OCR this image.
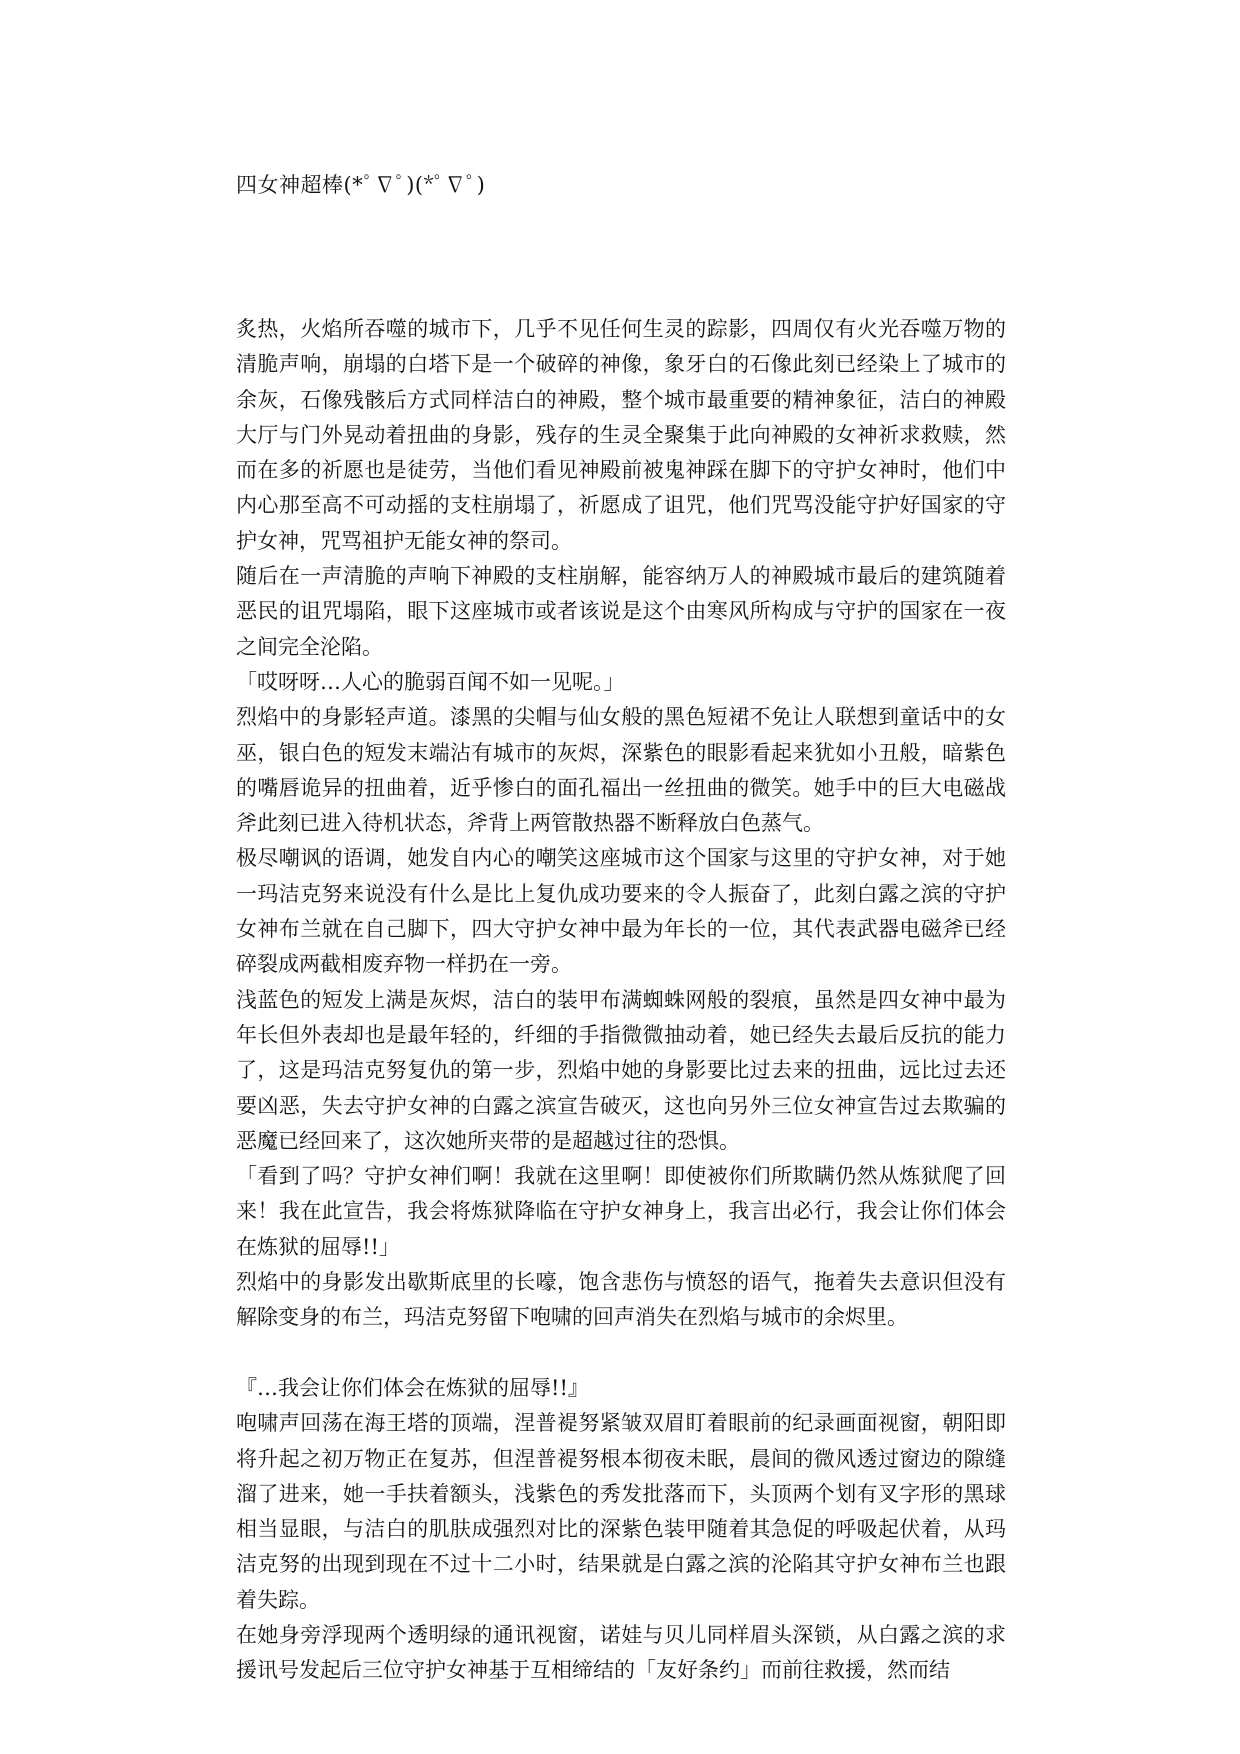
四女神超棒(*ﾟ∇ﾟ)(*ﾟ∇ﾟ)

炙热，火焰所吞噬的城市下，几乎不见任何生灵的踪影，四周仅有火光吞噬万物的清脆声响，崩塌的白塔下是一个破碎的神像，象牙白的石像此刻已经染上了城市的余灰，石像残骸后方式同样洁白的神殿，整个城市最重要的精神象征，洁白的神殿大厅与门外晃动着扭曲的身影，残存的生灵全聚集于此向神殿的女神祈求救赎，然而在多的祈愿也是徒劳，当他们看见神殿前被鬼神踩在脚下的守护女神时，他们中内心那至高不可动摇的支柱崩塌了，祈愿成了诅咒，他们咒骂没能守护好国家的守护女神，咒骂祖护无能女神的祭司。

随后在一声清脆的声响下神殿的支柱崩解，能容纳万人的神殿城市最后的建筑随着恶民的诅咒塌陷，眼下这座城市或者该说是这个由寒风所构成与守护的国家在一夜之间完全沦陷。

「哎呀呀…人心的脆弱百闻不如一见呢。」

烈焰中的身影轻声道。漆黑的尖帽与仙女般的黑色短裙不免让人联想到童话中的女巫，银白色的短发末端沾有城市的灰烬，深紫色的眼影看起来犹如小丑般，暗紫色的嘴唇诡异的扭曲着，近乎惨白的面孔福出一丝扭曲的微笑。她手中的巨大电磁战斧此刻已进入待机状态，斧背上两管散热器不断释放白色蒸气。

极尽嘲讽的语调，她发自内心的嘲笑这座城市这个国家与这里的守护女神，对于她一玛洁克努来说没有什么是比上复仇成功要来的令人振奋了，此刻白露之滨的守护女神布兰就在自己脚下，四大守护女神中最为年长的一位，其代表武器电磁斧已经碎裂成两截相废弃物一样扔在一旁。

浅蓝色的短发上满是灰烬，洁白的装甲布满蜘蛛网般的裂痕，虽然是四女神中最为年长但外表却也是最年轻的，纤细的手指微微抽动着，她已经失去最后反抗的能力了，这是玛洁克努复仇的第一步，烈焰中她的身影要比过去来的扭曲，远比过去还要凶恶，失去守护女神的白露之滨宣告破灭，这也向另外三位女神宣告过去欺骗的恶魔已经回来了，这次她所夹带的是超越过往的恐惧。

「看到了吗？守护女神们啊！我就在这里啊！即使被你们所欺瞒仍然从炼狱爬了回来！我在此宣告，我会将炼狱降临在守护女神身上，我言出必行，我会让你们体会在炼狱的屈辱!!」

烈焰中的身影发出歇斯底里的长嚎，饱含悲伤与愤怒的语气，拖着失去意识但没有解除变身的布兰，玛洁克努留下咆啸的回声消失在烈焰与城市的余烬里。

『…我会让你们体会在炼狱的屈辱!!』

咆啸声回荡在海王塔的顶端，涅普褆努紧皱双眉盯着眼前的纪录画面视窗，朝阳即将升起之初万物正在复苏，但涅普褆努根本彻夜未眠，晨间的微风透过窗边的隙缝溜了进来，她一手扶着额头，浅紫色的秀发批落而下，头顶两个划有叉字形的黑球相当显眼，与洁白的肌肤成强烈对比的深紫色装甲随着其急促的呼吸起伏着，从玛洁克努的出现到现在不过十二小时，结果就是白露之滨的沦陷其守护女神布兰也跟着失踪。

在她身旁浮现两个透明绿的通讯视窗，诺娃与贝儿同样眉头深锁，从白露之滨的求援讯号发起后三位守护女神基于互相缔结的「友好条约」而前往救援，然而结
